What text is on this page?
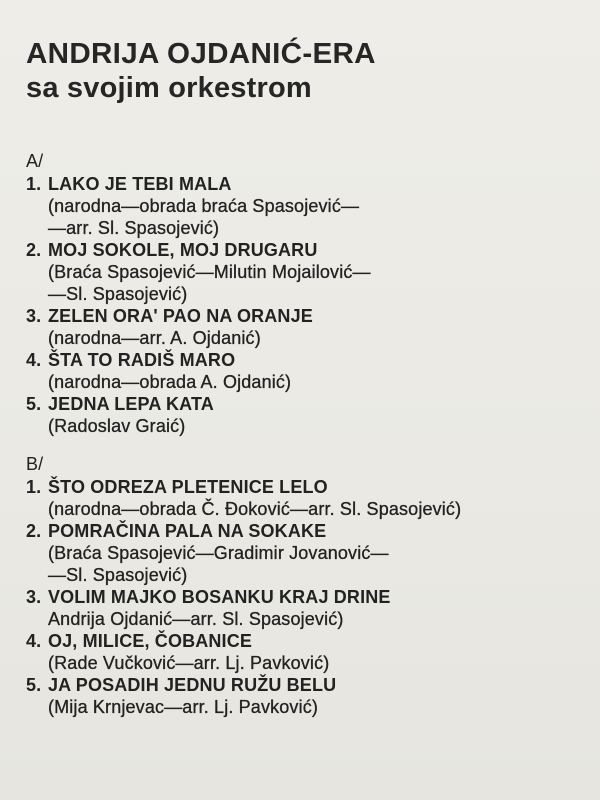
ANDRIJA OJDANIĆ-ERA
sa svojim orkestrom
A/
1. LAKO JE TEBI MALA
(narodna—obrada braća Spasojević—
—arr. Sl. Spasojević)
2. MOJ SOKOLE, MOJ DRUGARU
(Braća Spasojević—Milutin Mojailović—
—Sl. Spasojević)
3. ZELEN ORA' PAO NA ORANJE
(narodna—arr. A. Ojdanić)
4. ŠTA TO RADIŠ MARO
(narodna—obrada A. Ojdanić)
5. JEDNA LEPA KATA
(Radoslav Graić)
B/
1. ŠTO ODREZA PLETENICE LELO
(narodna—obrada Č. Đoković—arr. Sl. Spasojević)
2. POMRAČINA PALA NA SOKAKE
(Braća Spasojević—Gradimir Jovanović—
—Sl. Spasojević)
3. VOLIM MAJKO BOSANKU KRAJ DRINE
Andrija Ojdanić—arr. Sl. Spasojević)
4. OJ, MILICE, ČOBANICE
(Rade Vučković—arr. Lj. Pavković)
5. JA POSADIH JEDNU RUŽU BELU
(Mija Krnjevac—arr. Lj. Pavković)
